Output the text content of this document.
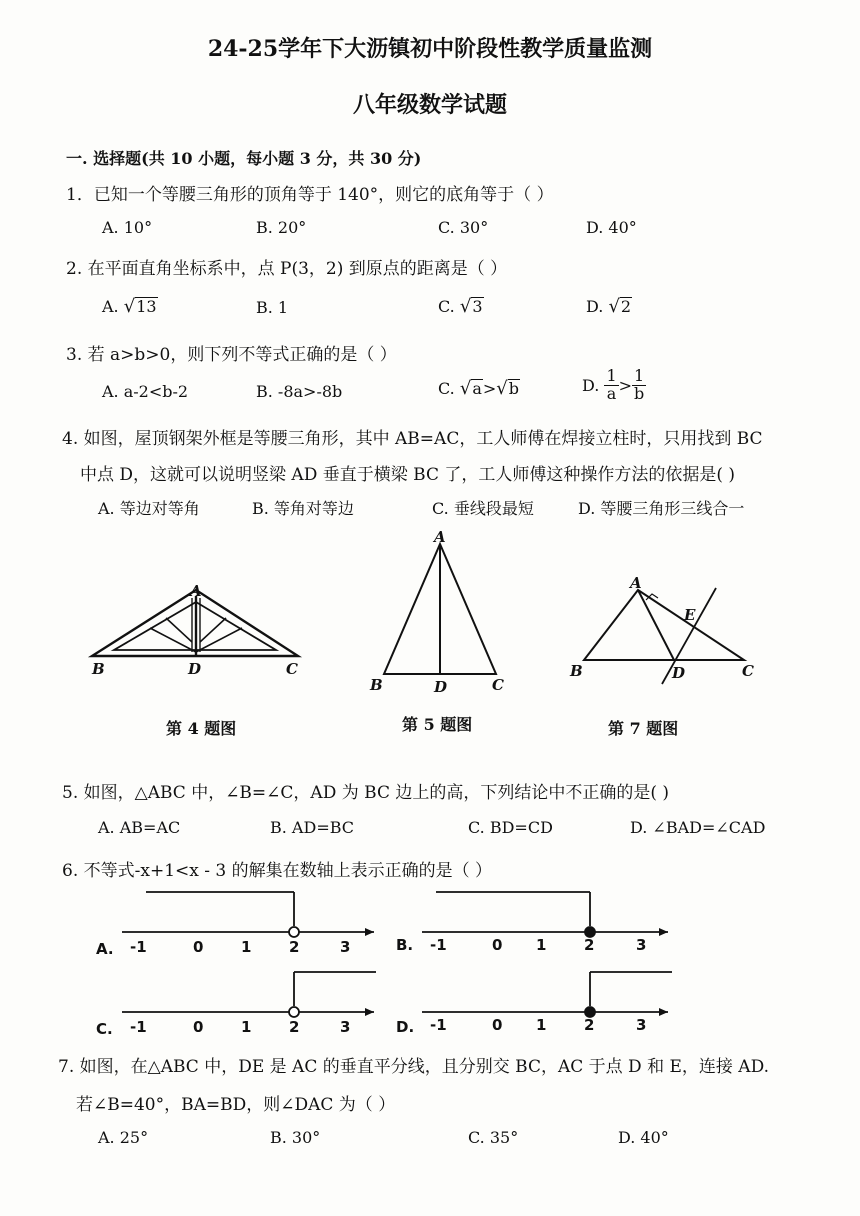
24-25学年下大沥镇初中阶段性教学质量监测
八年级数学试题
一. 选择题(共 10 小题，每小题 3 分，共 30 分)
1．已知一个等腰三角形的顶角等于 140°，则它的底角等于（ ）
A. 10°	B. 20°	C. 30°	D. 40°
2. 在平面直角坐标系中，点 P(3，2) 到原点的距离是（ ）
A. √13	B. 1	C. √3	D. √2
3. 若 a>b>0，则下列不等式正确的是（ ）
A. a-2<b-2	B. -8a>-8b	C. √a>√b	D. $\frac{1}{a} > \frac{1}{b}$
4. 如图，屋顶钢架外框是等腰三角形，其中 AB=AC，工人师傅在焊接立柱时，只用找到 BC
中点 D，这就可以说明竖梁 AD 垂直于横梁 BC 了，工人师傅这种操作方法的依据是( )
A. 等边对等角	B. 等角对等边	C. 垂线段最短	D. 等腰三角形三线合一
A
B	D	C
A
B	D	C
A
E
B	D	C
第 4 题图	第 5 题图	第 7 题图
5. 如图，△ABC 中，∠B=∠C，AD 为 BC 边上的高，下列结论中不正确的是( )
A. AB=AC	B. AD=BC	C. BD=CD	D. ∠BAD=∠CAD
6. 不等式-x+1<x - 3 的解集在数轴上表示正确的是（ ）
A. -1	0	1	2	3	B. -1	0 1	2	3
C. -1	0	1	2	3	D. -1	0 1	2	3
7. 如图，在△ABC 中，DE 是 AC 的垂直平分线，且分别交 BC，AC 于点 D 和 E，连接 AD.
若∠B=40°，BA=BD，则∠DAC 为（ ）
A. 25°	B. 30°	C. 35°	D. 40°
